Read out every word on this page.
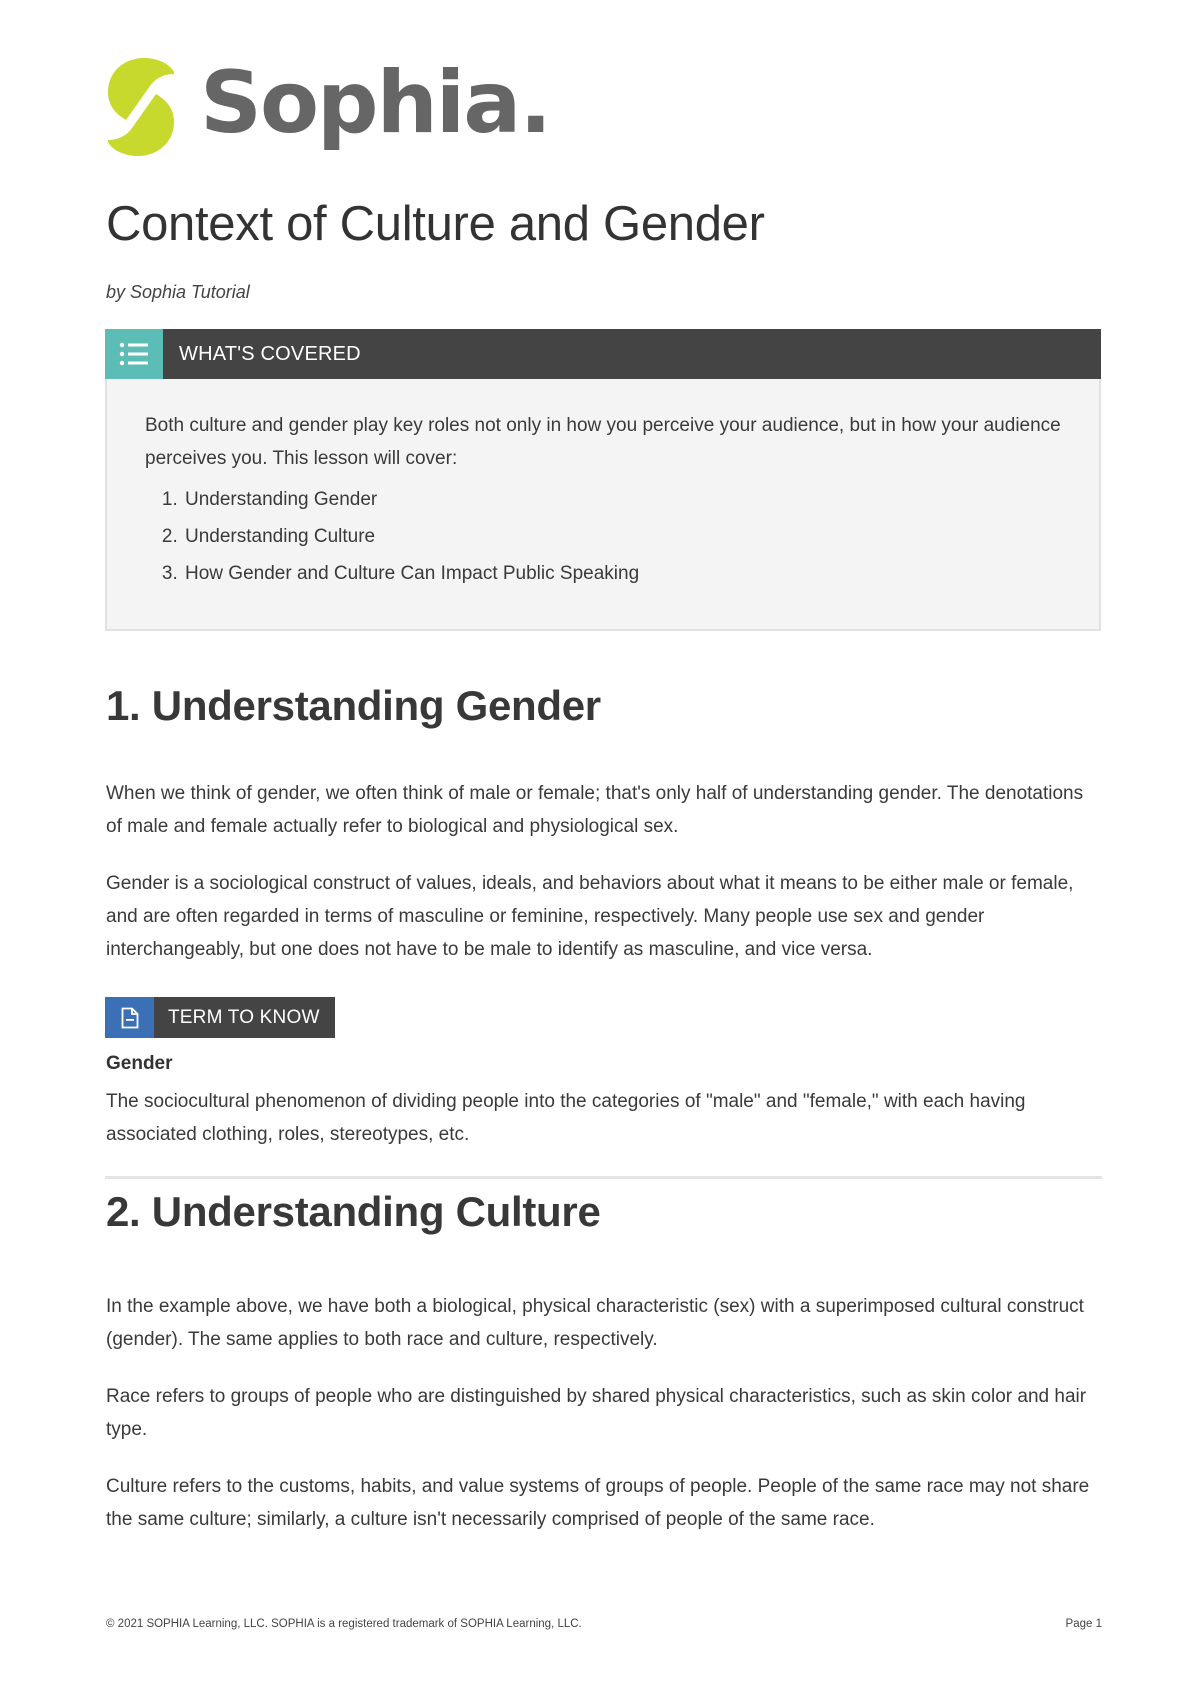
Sophia.
Context of Culture and Gender
by Sophia Tutorial
WHAT'S COVERED

Both culture and gender play key roles not only in how you perceive your audience, but in how your audience perceives you. This lesson will cover:

1. Understanding Gender
2. Understanding Culture
3. How Gender and Culture Can Impact Public Speaking
1. Understanding Gender

When we think of gender, we often think of male or female; that's only half of understanding gender. The denotations of male and female actually refer to biological and physiological sex.

Gender is a sociological construct of values, ideals, and behaviors about what it means to be either male or female, and are often regarded in terms of masculine or feminine, respectively. Many people use sex and gender interchangeably, but one does not have to be male to identify as masculine, and vice versa.

TERM TO KNOW
Gender

The sociocultural phenomenon of dividing people into the categories of "male" and "female," with each having associated clothing, roles, stereotypes, etc.

2. Understanding Culture

In the example above, we have both a biological, physical characteristic (sex) with a superimposed cultural construct (gender). The same applies to both race and culture, respectively.

Race refers to groups of people who are distinguished by shared physical characteristics, such as skin color and hair type.

Culture refers to the customs, habits, and value systems of groups of people. People of the same race may not share the same culture; similarly, a culture isn't necessarily comprised of people of the same race.

© 2021 SOPHIA Learning, LLC. SOPHIA is a registered trademark of SOPHIA Learning, LLC.	Page 1
